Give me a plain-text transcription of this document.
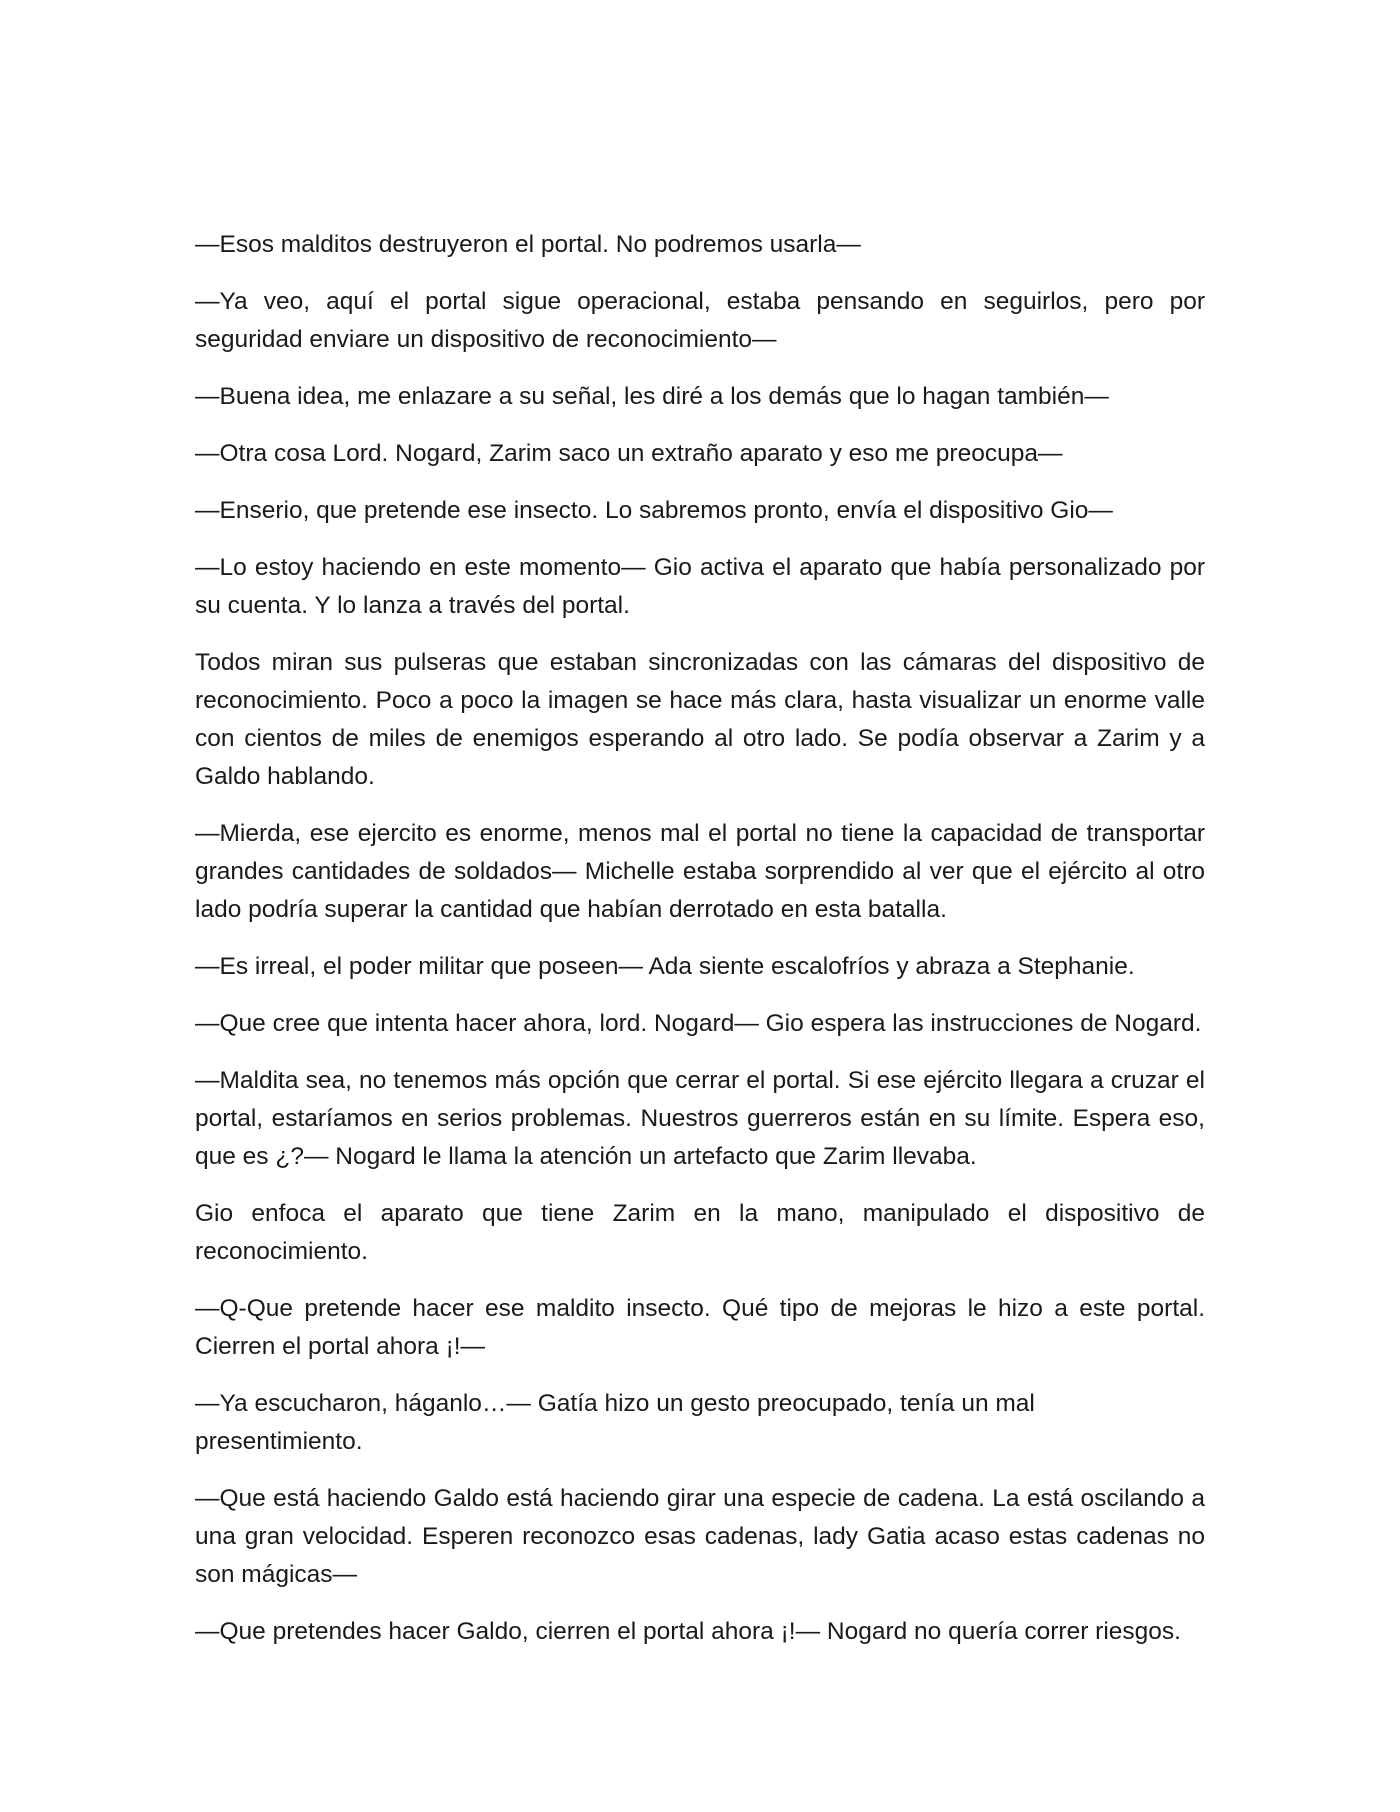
—Esos malditos destruyeron el portal. No podremos usarla—

—Ya veo, aquí el portal sigue operacional, estaba pensando en seguirlos, pero por seguridad enviare un dispositivo de reconocimiento—

—Buena idea, me enlazare a su señal, les diré a los demás que lo hagan también—

—Otra cosa Lord. Nogard, Zarim saco un extraño aparato y eso me preocupa—

—Enserio, que pretende ese insecto. Lo sabremos pronto, envía el dispositivo Gio—

—Lo estoy haciendo en este momento— Gio activa el aparato que había personalizado por su cuenta. Y lo lanza a través del portal.

Todos miran sus pulseras que estaban sincronizadas con las cámaras del dispositivo de reconocimiento. Poco a poco la imagen se hace más clara, hasta visualizar un enorme valle con cientos de miles de enemigos esperando al otro lado. Se podía observar a Zarim y a Galdo hablando.

—Mierda, ese ejercito es enorme, menos mal el portal no tiene la capacidad de transportar grandes cantidades de soldados— Michelle estaba sorprendido al ver que el ejército al otro lado podría superar la cantidad que habían derrotado en esta batalla.

—Es irreal, el poder militar que poseen— Ada siente escalofríos y abraza a Stephanie.

—Que cree que intenta hacer ahora, lord. Nogard— Gio espera las instrucciones de Nogard.

—Maldita sea, no tenemos más opción que cerrar el portal. Si ese ejército llegara a cruzar el portal, estaríamos en serios problemas. Nuestros guerreros están en su límite. Espera eso, que es ¿?— Nogard le llama la atención un artefacto que Zarim llevaba.

Gio enfoca el aparato que tiene Zarim en la mano, manipulado el dispositivo de reconocimiento.

—Q-Que pretende hacer ese maldito insecto. Qué tipo de mejoras le hizo a este portal. Cierren el portal ahora ¡!—

—Ya escucharon, háganlo…— Gatía hizo un gesto preocupado, tenía un mal presentimiento.

—Que está haciendo Galdo está haciendo girar una especie de cadena. La está oscilando a una gran velocidad. Esperen reconozco esas cadenas, lady Gatia acaso estas cadenas no son mágicas—

—Que pretendes hacer Galdo, cierren el portal ahora ¡!— Nogard no quería correr riesgos.
